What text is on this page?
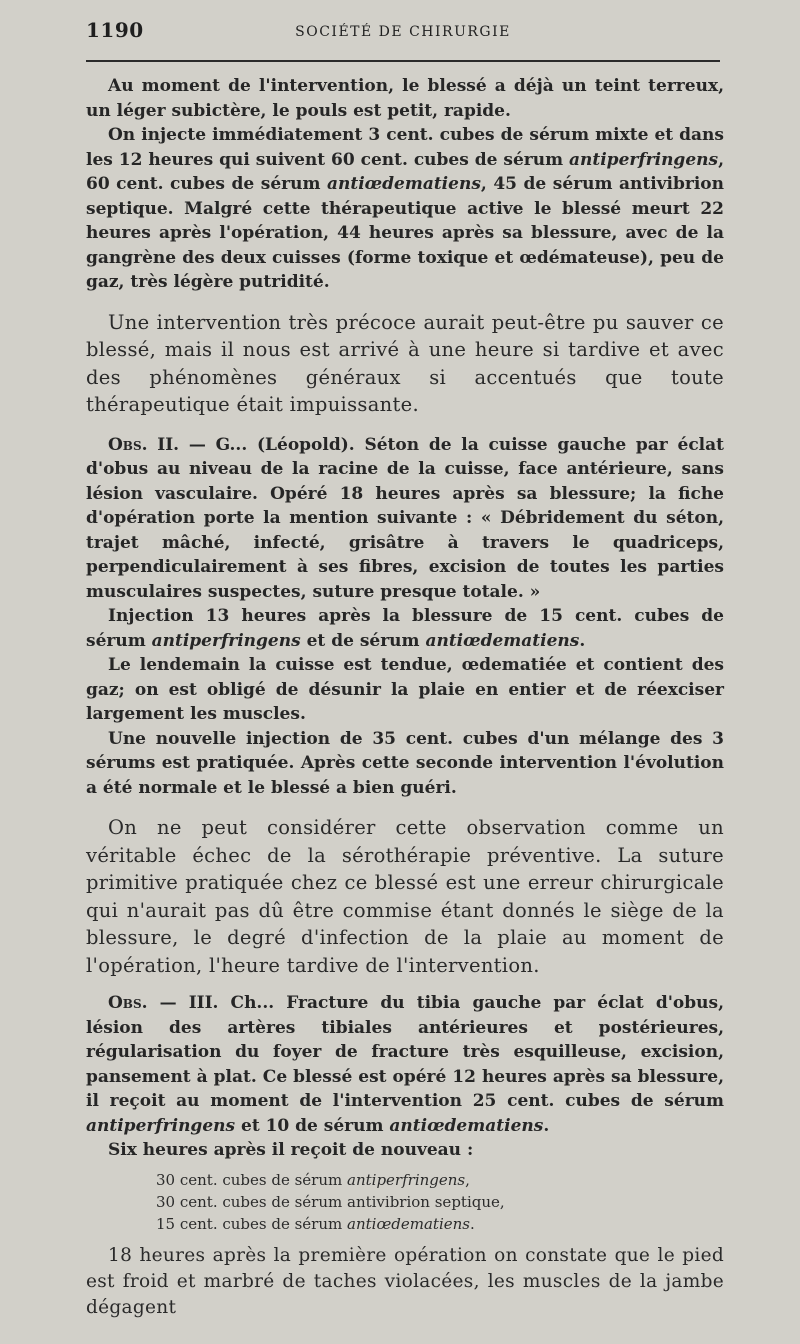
1190	SOCIÉTÉ DE CHIRURGIE

Au moment de l'intervention, le blessé a déjà un teint terreux, un léger subictère, le pouls est petit, rapide.

On injecte immédiatement 3 cent. cubes de sérum mixte et dans les 12 heures qui suivent 60 cent. cubes de sérum antiperfringens, 60 cent. cubes de sérum antiœdematiens, 45 de sérum antivibrion septique. Malgré cette thérapeutique active le blessé meurt 22 heures après l'opération, 44 heures après sa blessure, avec de la gangrène des deux cuisses (forme toxique et œdémateuse), peu de gaz, très légère putridité.

Une intervention très précoce aurait peut-être pu sauver ce blessé, mais il nous est arrivé à une heure si tardive et avec des phénomènes généraux si accentués que toute thérapeutique était impuissante.

Obs. II. — G... (Léopold). Séton de la cuisse gauche par éclat d'obus au niveau de la racine de la cuisse, face antérieure, sans lésion vasculaire. Opéré 18 heures après sa blessure; la fiche d'opération porte la mention suivante : « Débridement du séton, trajet mâché, infecté, grisâtre à travers le quadriceps, perpendiculairement à ses fibres, excision de toutes les parties musculaires suspectes, suture presque totale. »

Injection 13 heures après la blessure de 15 cent. cubes de sérum antiperfringens et de sérum antiœdematiens.

Le lendemain la cuisse est tendue, œdematiée et contient des gaz; on est obligé de désunir la plaie en entier et de réexciser largement les muscles.

Une nouvelle injection de 35 cent. cubes d'un mélange des 3 sérums est pratiquée. Après cette seconde intervention l'évolution a été normale et le blessé a bien guéri.

On ne peut considérer cette observation comme un véritable échec de la sérothérapie préventive. La suture primitive pratiquée chez ce blessé est une erreur chirurgicale qui n'aurait pas dû être commise étant donnés le siège de la blessure, le degré d'infection de la plaie au moment de l'opération, l'heure tardive de l'intervention.

Obs. — III. Ch... Fracture du tibia gauche par éclat d'obus, lésion des artères tibiales antérieures et postérieures, régularisation du foyer de fracture très esquilleuse, excision, pansement à plat. Ce blessé est opéré 12 heures après sa blessure, il reçoit au moment de l'intervention 25 cent. cubes de sérum antiperfringens et 10 de sérum antiœdematiens.

Six heures après il reçoit de nouveau :

30 cent. cubes de sérum antiperfringens,
30 cent. cubes de sérum antivibrion septique,
15 cent. cubes de sérum antiœdematiens.

18 heures après la première opération on constate que le pied est froid et marbré de taches violacées, les muscles de la jambe dégagent
